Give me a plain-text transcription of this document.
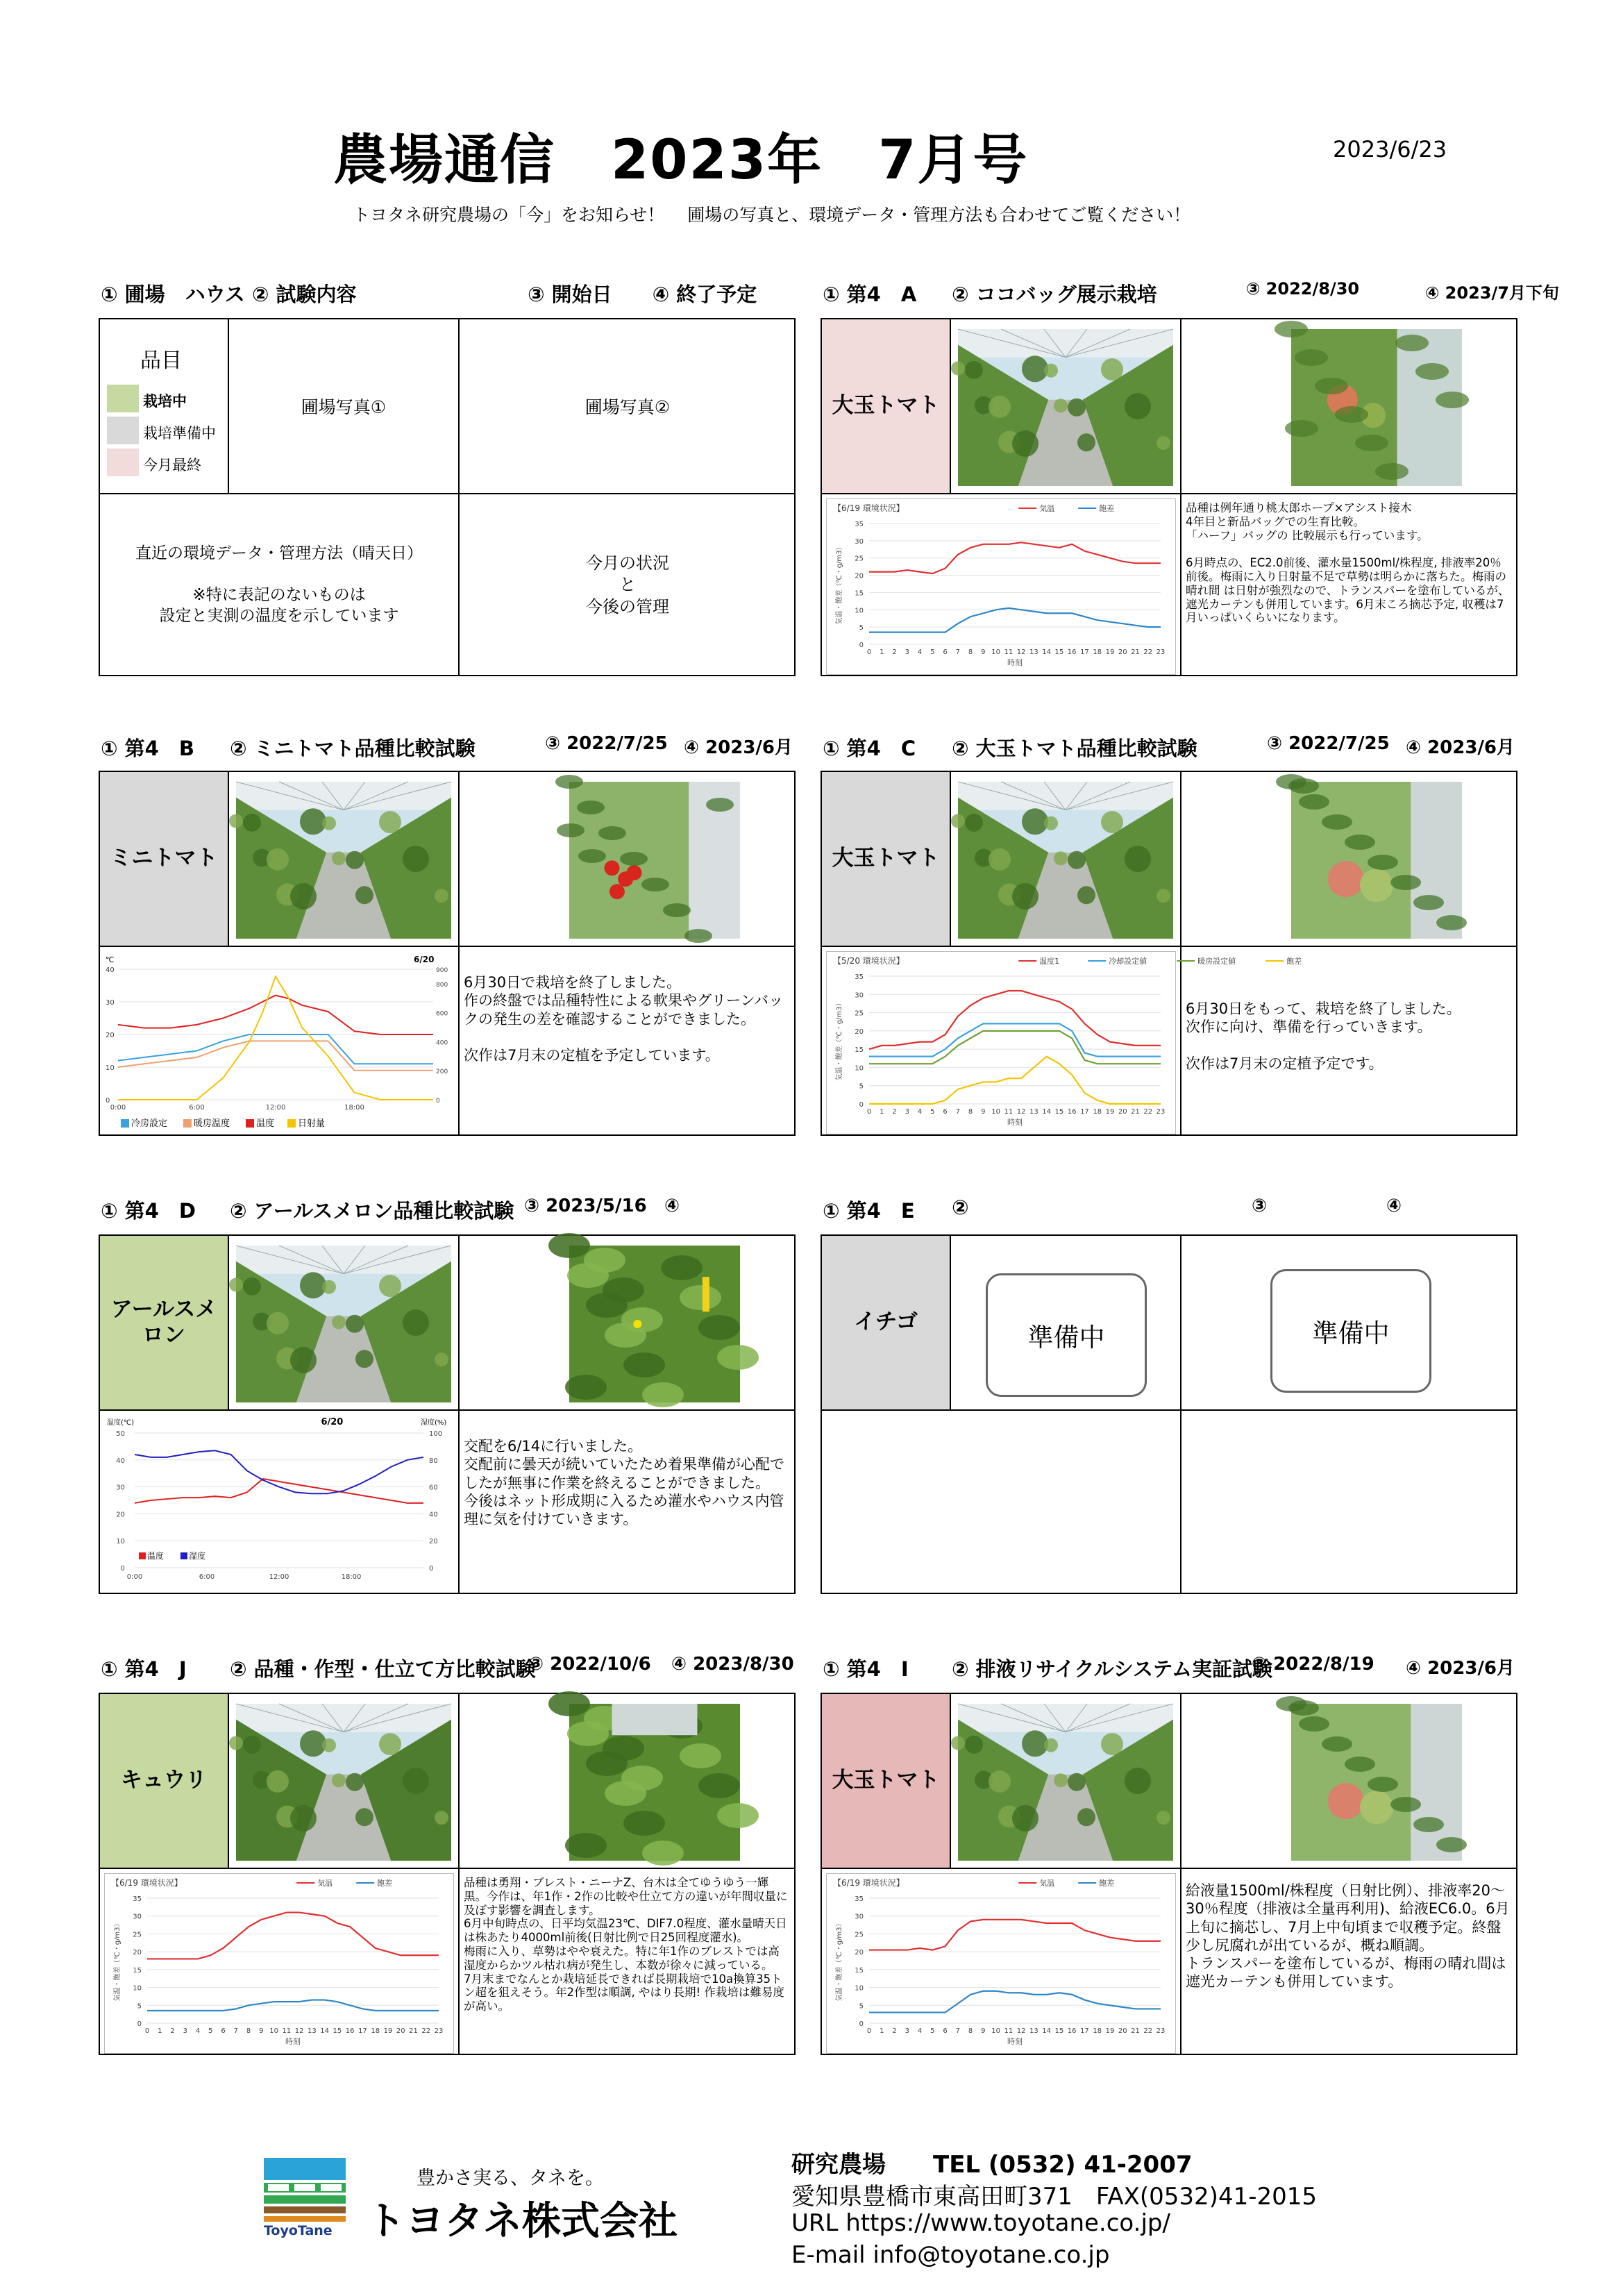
農場通信　2023年　7月号	2023/6/23
トヨタネ研究農場の「今」をお知らせ！　 圃場の写真と、環境データ・管理方法も合わせてご覧ください！
① 圃場　ハウス ② 試験内容	③ 開始日　　④ 終了予定
品目
栽培中
栽培準備中
今月最終
圃場写真①	圃場写真②
直近の環境データ・管理方法（晴天日）

※特に表記のないものは
設定と実測の温度を示しています
今月の状況
と
今後の管理
① 第4　A ② ココバッグ展示栽培	③ 2022/8/30	④ 2023/7月下旬
大玉トマト
【6/19 環境状況】
0
5
10
15
20
25
30
35
0 1 2 3 4 5 6 7 8 9 10 11 12 13 14 15 16 17 18 19 20 21 22 23
時刻
気温・飽差（℃・g/m3）
気温	飽差	品種は例年通り桃太郎ホープ×アシスト接木
4年目と新品バッグでの生育比較。
「ハーフ」バッグの 比較展示も行っています。

6月時点の、EC2.0前後、灌水量1500ml/株程度, 排液率20％前後。梅雨に入り日射量不足で草勢は明らかに落ちた。梅雨の晴れ間 は日射が強烈なので、トランスパーを塗布しているが、遮光カーテンも併用しています。6月末ころ摘芯予定, 収穫は7月いっぱいくらいになります。
① 第4　B ② ミニトマト品種比較試験	③ 2022/7/25 ④ 2023/6月
ミニトマト
℃	6/20
0
10
20
30
40
0
200
400
600
800
900
0:00	6:00	12:00	18:00
冷房設定	暖房温度	温度	日射量
6月30日で栽培を終了しました。
作の終盤では品種特性による軟果やグリーンバックの発生の差を確認することができました。

次作は7月末の定植を予定しています。
① 第4　C ② 大玉トマト品種比較試験	③ 2022/7/25 ④ 2023/6月
大玉トマト
【5/20 環境状況】
0
5
10
15
20
25
30
35
0 1 2 3 4 5 6 7 8 9 10 11 12 13 14 15 16 17 18 19 20 21 22 23
時刻
気温・飽差（℃・g/m3）
温度1	冷却設定値	暖房設定値	飽差
6月30日をもって、栽培を終了しました。
次作に向け、準備を行っていきます。

次作は7月末の定植予定です。
① 第4　D ② アールスメロン品種比較試験 ③ 2023/5/16 ④
アールスメロン
温度(℃)	湿度(%)
6/20
0
10
20
30
40
50
0
20
40
60
80
100
0:00	6:00	12:00	18:00
温度	湿度
交配を6/14に行いました。
交配前に曇天が続いていたため着果準備が心配でしたが無事に作業を終えることができました。
今後はネット形成期に入るため灌水やハウス内管理に気を付けていきます。
① 第4　E ②	③	④
イチゴ
準備中	準備中
① 第4　J ② 品種・作型・仕立て方比較試験
③ 2022/10/6 ④ 2023/8/30
キュウリ
【6/19 環境状況】
0
5
10
15
20
25
30
35
0 1 2 3 4 5 6 7 8 9 10 11 12 13 14 15 16 17 18 19 20 21 22 23
時刻
気温・飽差（℃・g/m3）
気温	飽差	品種は勇翔・ブレスト・ニーナZ、台木は全てゆうゆう一輝黒。今作は、年1作・2作の比較や仕立て方の違いが年間収量に及ぼす影響を調査します。
6月中旬時点の、日平均気温23℃、DIF7.0程度、灌水量晴天日は株あたり4000ml前後(日射比例で日25回程度灌水)。
梅雨に入り、草勢はやや衰えた。特に年1作のブレストでは高湿度からかツル枯れ病が発生し、本数が徐々に減っている。
7月末までなんとか栽培延長できれば長期栽培で10a換算35トン超を狙えそう。年2作型は順調, やはり長期! 作栽培は難易度が高い。
① 第4　I ② 排液リサイクルシステム実証試験
③ 2022/8/19 ④ 2023/6月
大玉トマト
【6/19 環境状況】
0
5
10
15
20
25
30
35
0 1 2 3 4 5 6 7 8 9 10 11 12 13 14 15 16 17 18 19 20 21 22 23
時刻
気温・飽差（℃・g/m3）
気温	飽差	給液量1500ml/株程度（日射比例）、排液率20～30％程度（排液は全量再利用)、給液EC6.0。6月上旬に摘芯し、7月上中旬頃まで収穫予定。終盤少し尻腐れが出ているが、概ね順調。
トランスパーを塗布しているが、梅雨の晴れ間は遮光カーテンも併用しています。
ToyoTane
豊かさ実る、タネを。
トヨタネ株式会社
研究農場　　TEL (0532) 41-2007
愛知県豊橋市東高田町371　FAX(0532)41-2015
URL https://www.toyotane.co.jp/
E-mail info@toyotane.co.jp
